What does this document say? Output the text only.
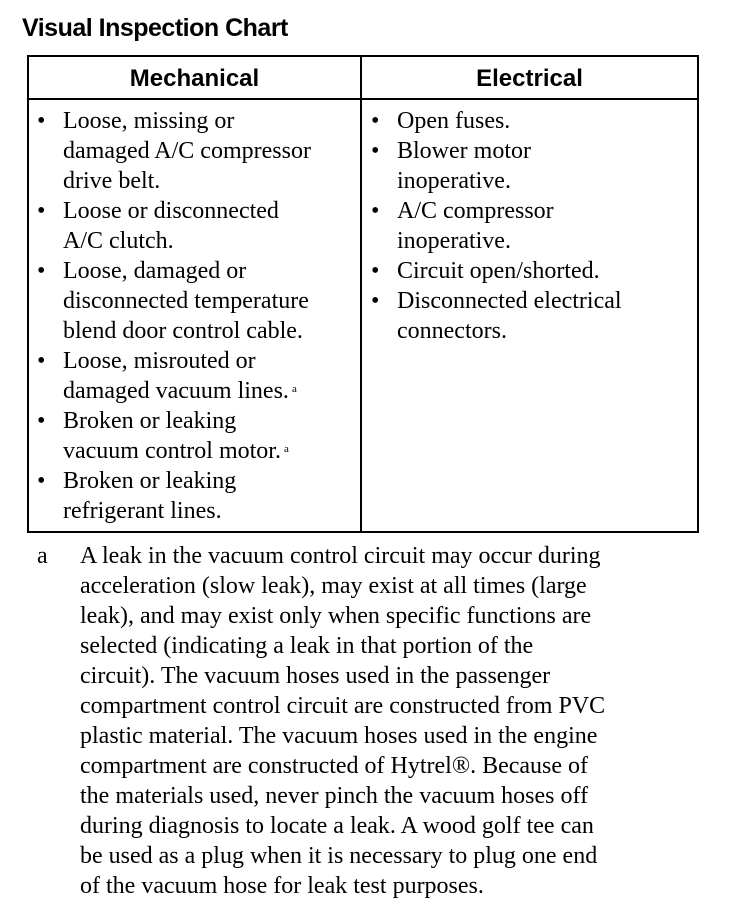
Visual Inspection Chart
Mechanical	Electrical
• Loose, missing or
damaged A/C compressor
drive belt.
• Loose or disconnected
A/C clutch.
• Loose, damaged or
disconnected temperature
blend door control cable.
• Loose, misrouted or
damaged vacuum lines. $^a$
• Broken or leaking
vacuum control motor. $^a$
• Broken or leaking
refrigerant lines.
• Open fuses.
• Blower motor
inoperative.
• A/C compressor
inoperative.
• Circuit open/shorted.
• Disconnected electrical
connectors.
a A leak in the vacuum control circuit may occur during
acceleration (slow leak), may exist at all times (large
leak), and may exist only when specific functions are
selected (indicating a leak in that portion of the
circuit). The vacuum hoses used in the passenger
compartment control circuit are constructed from PVC
plastic material. The vacuum hoses used in the engine
compartment are constructed of Hytrel®. Because of
the materials used, never pinch the vacuum hoses off
during diagnosis to locate a leak. A wood golf tee can
be used as a plug when it is necessary to plug one end
of the vacuum hose for leak test purposes.
